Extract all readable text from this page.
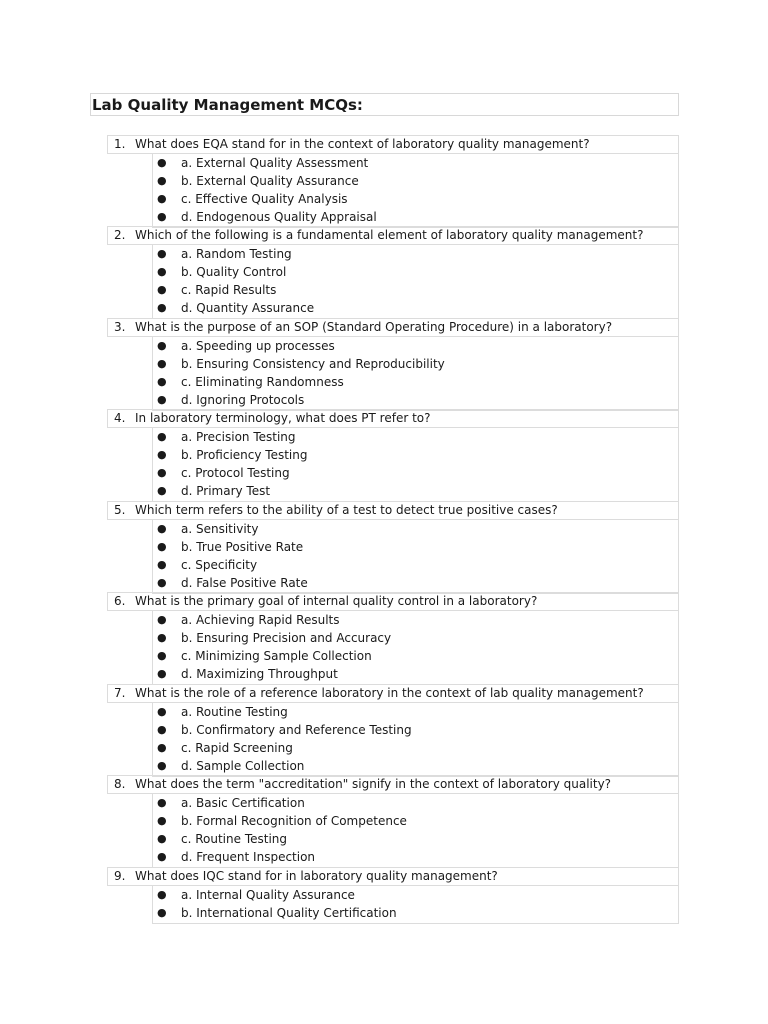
Lab Quality Management MCQs:
1. What does EQA stand for in the context of laboratory quality management?
● a. External Quality Assessment
● b. External Quality Assurance
● c. Effective Quality Analysis
● d. Endogenous Quality Appraisal
2. Which of the following is a fundamental element of laboratory quality management?
● a. Random Testing
● b. Quality Control
● c. Rapid Results
● d. Quantity Assurance
3. What is the purpose of an SOP (Standard Operating Procedure) in a laboratory?
● a. Speeding up processes
● b. Ensuring Consistency and Reproducibility
● c. Eliminating Randomness
● d. Ignoring Protocols
4. In laboratory terminology, what does PT refer to?
● a. Precision Testing
● b. Proficiency Testing
● c. Protocol Testing
● d. Primary Test
5. Which term refers to the ability of a test to detect true positive cases?
● a. Sensitivity
● b. True Positive Rate
● c. Specificity
● d. False Positive Rate
6. What is the primary goal of internal quality control in a laboratory?
● a. Achieving Rapid Results
● b. Ensuring Precision and Accuracy
● c. Minimizing Sample Collection
● d. Maximizing Throughput
7. What is the role of a reference laboratory in the context of lab quality management?
● a. Routine Testing
● b. Confirmatory and Reference Testing
● c. Rapid Screening
● d. Sample Collection
8. What does the term "accreditation" signify in the context of laboratory quality?
● a. Basic Certification
● b. Formal Recognition of Competence
● c. Routine Testing
● d. Frequent Inspection
9. What does IQC stand for in laboratory quality management?
● a. Internal Quality Assurance
● b. International Quality Certification
